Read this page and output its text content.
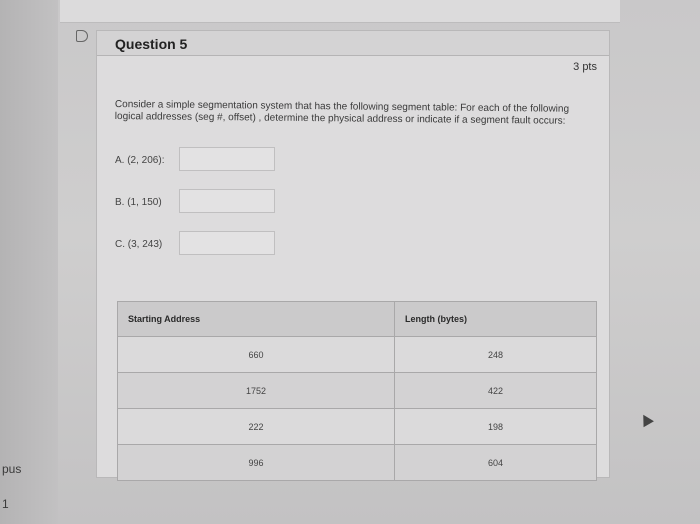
pus
1
Question 5
3 pts
Consider a simple segmentation system that has the following segment table: For each of the following logical addresses (seg #, offset) , determine the physical address or indicate if a segment fault occurs:
A. (2, 206):
B. (1, 150)
C. (3, 243)
Starting Address	Length (bytes)
660	248
1752	422
222	198
996	604
